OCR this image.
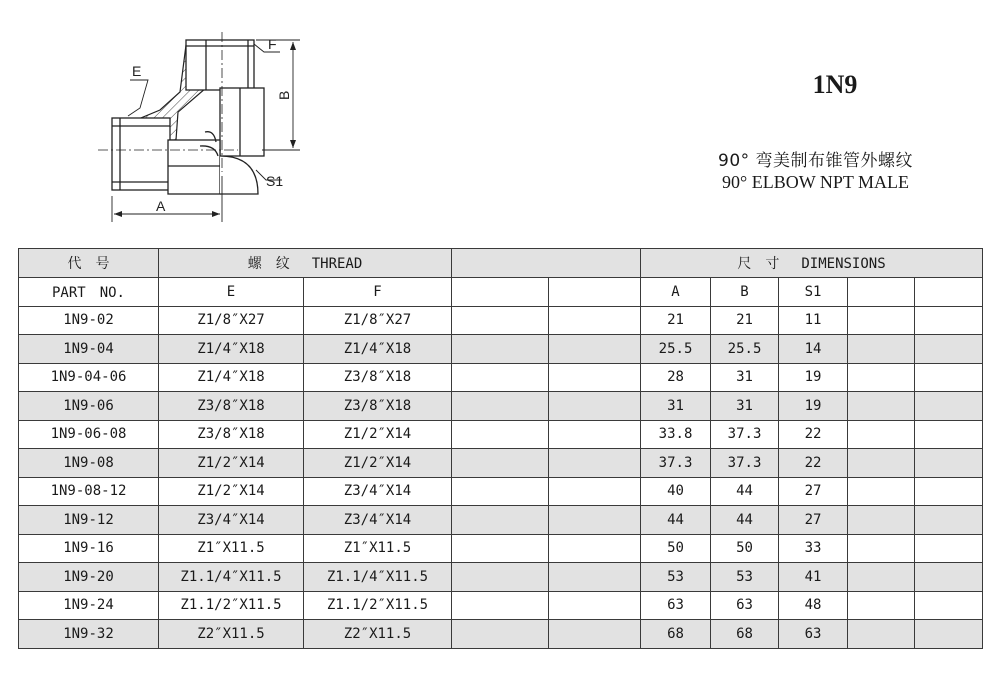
E
F
B
A
S1
1N9
90° 弯美制布锥管外螺纹
90° ELBOW NPT MALE
代　号	螺　纹 THREAD				尺　寸 DIMENSIONS				
PART　NO.	E	F			A	B	S1		
1N9-02	Z1/8″X27	Z1/8″X27			21	21	11		
1N9-04	Z1/4″X18	Z1/4″X18			25.5	25.5	14		
1N9-04-06	Z1/4″X18	Z3/8″X18			28	31	19		
1N9-06	Z3/8″X18	Z3/8″X18			31	31	19		
1N9-06-08	Z3/8″X18	Z1/2″X14			33.8	37.3	22		
1N9-08	Z1/2″X14	Z1/2″X14			37.3	37.3	22		
1N9-08-12	Z1/2″X14	Z3/4″X14			40	44	27		
1N9-12	Z3/4″X14	Z3/4″X14			44	44	27		
1N9-16	Z1″X11.5	Z1″X11.5			50	50	33		
1N9-20	Z1.1/4″X11.5	Z1.1/4″X11.5			53	53	41		
1N9-24	Z1.1/2″X11.5	Z1.1/2″X11.5			63	63	48		
1N9-32	Z2″X11.5	Z2″X11.5			68	68	63		
